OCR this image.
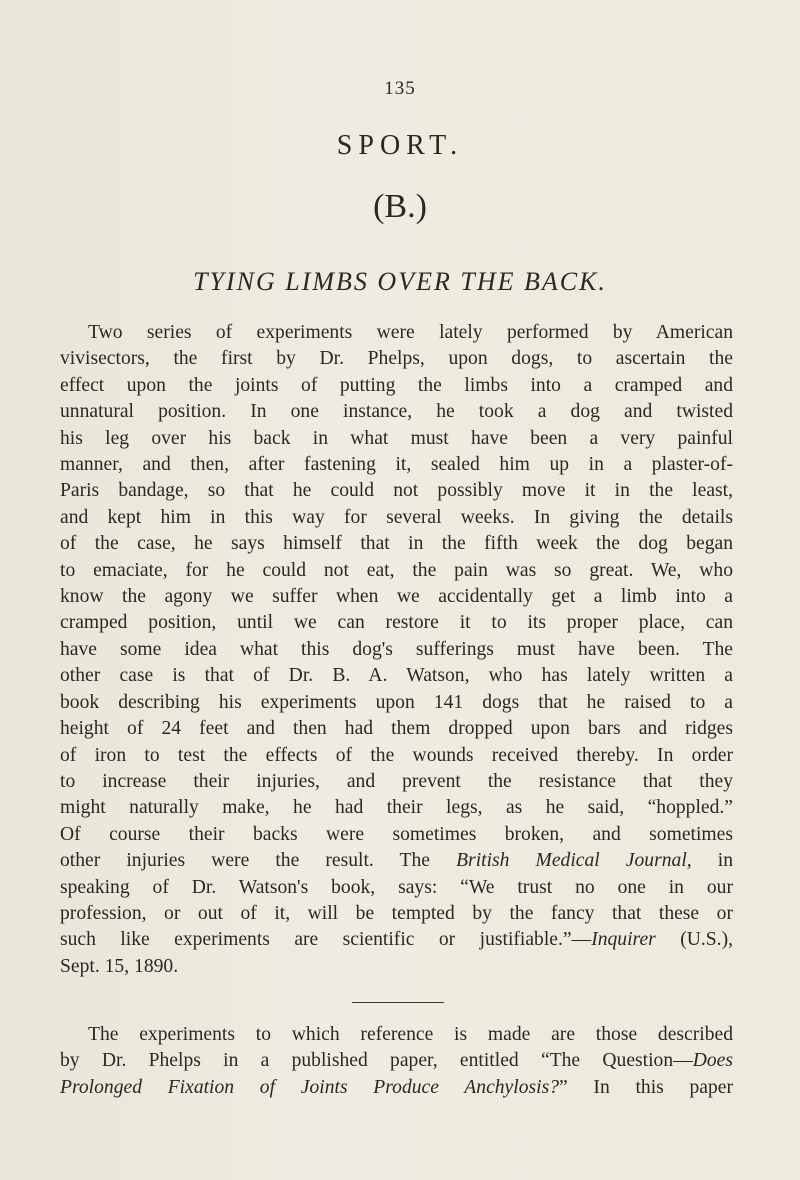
135
SPORT.
(B.)
TYING LIMBS OVER THE BACK.
Two series of experiments were lately performed by American
vivisectors, the first by Dr. Phelps, upon dogs, to ascertain the
effect upon the joints of putting the limbs into a cramped and
unnatural position. In one instance, he took a dog and twisted
his leg over his back in what must have been a very painful
manner, and then, after fastening it, sealed him up in a plaster-of-
Paris bandage, so that he could not possibly move it in the least,
and kept him in this way for several weeks. In giving the details
of the case, he says himself that in the fifth week the dog began
to emaciate, for he could not eat, the pain was so great. We, who
know the agony we suffer when we accidentally get a limb into a
cramped position, until we can restore it to its proper place, can
have some idea what this dog's sufferings must have been. The
other case is that of Dr. B. A. Watson, who has lately written a
book describing his experiments upon 141 dogs that he raised to a
height of 24 feet and then had them dropped upon bars and ridges
of iron to test the effects of the wounds received thereby. In order
to increase their injuries, and prevent the resistance that they
might naturally make, he had their legs, as he said, “hoppled.”
Of course their backs were sometimes broken, and sometimes
other injuries were the result. The British Medical Journal, in
speaking of Dr. Watson's book, says: “We trust no one in our
profession, or out of it, will be tempted by the fancy that these or
such like experiments are scientific or justifiable.”—Inquirer (U.S.),
Sept. 15, 1890.
The experiments to which reference is made are those described
by Dr. Phelps in a published paper, entitled “The Question—Does
Prolonged Fixation of Joints Produce Anchylosis?” In this paper
